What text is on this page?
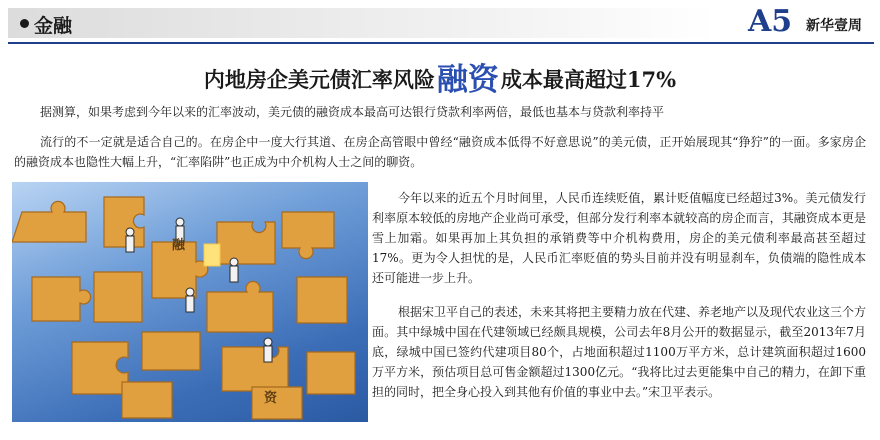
金融	A5 新华壹周
内地房企美元债汇率风险融资成本最高超过17%
据测算，如果考虑到今年以来的汇率波动，美元债的融资成本最高可达银行贷款利率两倍，最低也基本与贷款利率持平
流行的不一定就是适合自己的。在房企中一度大行其道、在房企高管眼中曾经“融资成本低得不好意思说”的美元债，正开始展现其“狰狞”的一面。多家房企的融资成本也隐性大幅上升，“汇率陷阱”也正成为中介机构人士之间的聊资。
融
资
今年以来的近五个月时间里，人民币连续贬值，累计贬值幅度已经超过3%。美元债发行利率原本较低的房地产企业尚可承受，但部分发行利率本就较高的房企而言，其融资成本更是雪上加霜。如果再加上其负担的承销费等中介机构费用，房企的美元债利率最高甚至超过17%。更为令人担忧的是，人民币汇率贬值的势头目前并没有明显刹车，负债端的隐性成本还可能进一步上升。
根据宋卫平自己的表述，未来其将把主要精力放在代建、养老地产以及现代农业这三个方面。其中绿城中国在代建领域已经颇具规模，公司去年8月公开的数据显示，截至2013年7月底，绿城中国已签约代建项目80个，占地面积超过1100万平方米，总计建筑面积超过1600万平方米，预估项目总可售金额超过1300亿元。“我将比过去更能集中自己的精力，在卸下重担的同时，把全身心投入到其他有价值的事业中去。”宋卫平表示。
